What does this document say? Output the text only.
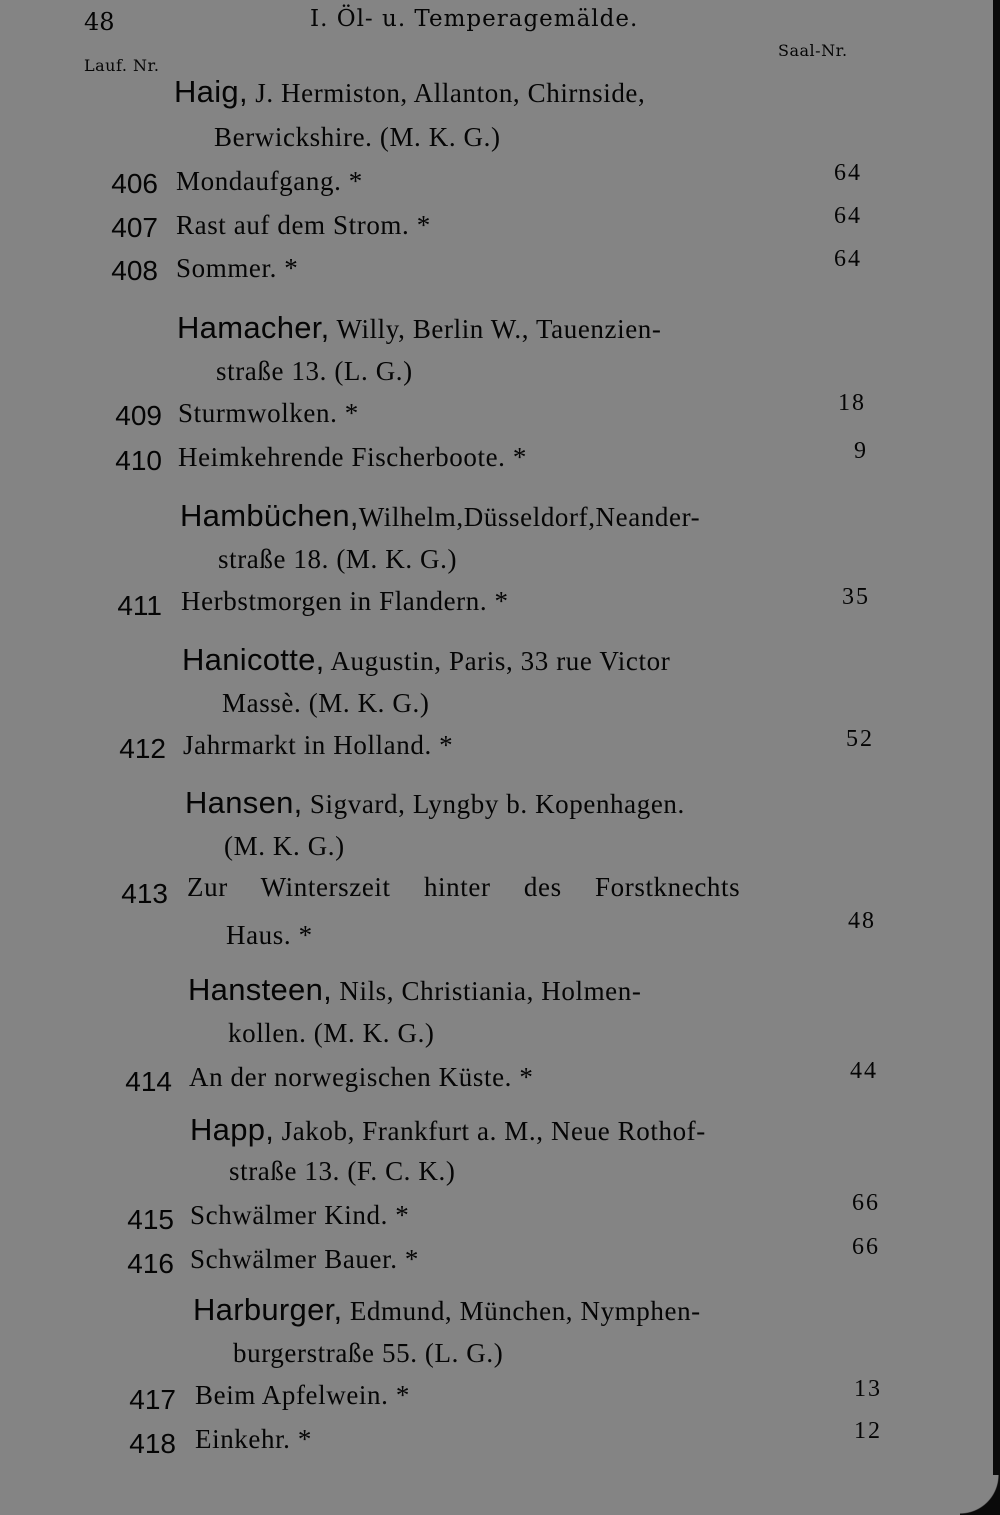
48	I. Öl- u. Temperagemälde.
Lauf. Nr.
Saal-Nr.
Haig, J. Hermiston, Allanton, Chirnside,
Berwickshire. (M. K. G.)
406 Mondaufgang. *	64
407 Rast auf dem Strom. *	64
408 Sommer. *	64
Hamacher, Willy, Berlin W., Tauenzien-
straße 13. (L. G.)
409 Sturmwolken. *	18
410 Heimkehrende Fischerboote. *	9
Hambüchen,Wilhelm,Düsseldorf,Neander-
straße 18. (M. K. G.)
411 Herbstmorgen in Flandern. *	35
Hanicotte, Augustin, Paris, 33 rue Victor
Massè. (M. K. G.)
412 Jahrmarkt in Holland. *	52
Hansen, Sigvard, Lyngby b. Kopenhagen.
(M. K. G.)
413 Zur Winterszeit hinter des Forstknechts
Haus. *	48
Hansteen, Nils, Christiania, Holmen-
kollen. (M. K. G.)
414 An der norwegischen Küste. *	44
Happ, Jakob, Frankfurt a. M., Neue Rothof-
straße 13. (F. C. K.)
415 Schwälmer Kind. *	66
416 Schwälmer Bauer. *	66
Harburger, Edmund, München, Nymphen-
burgerstraße 55. (L. G.)
417 Beim Apfelwein. *	13
418 Einkehr. *	12
